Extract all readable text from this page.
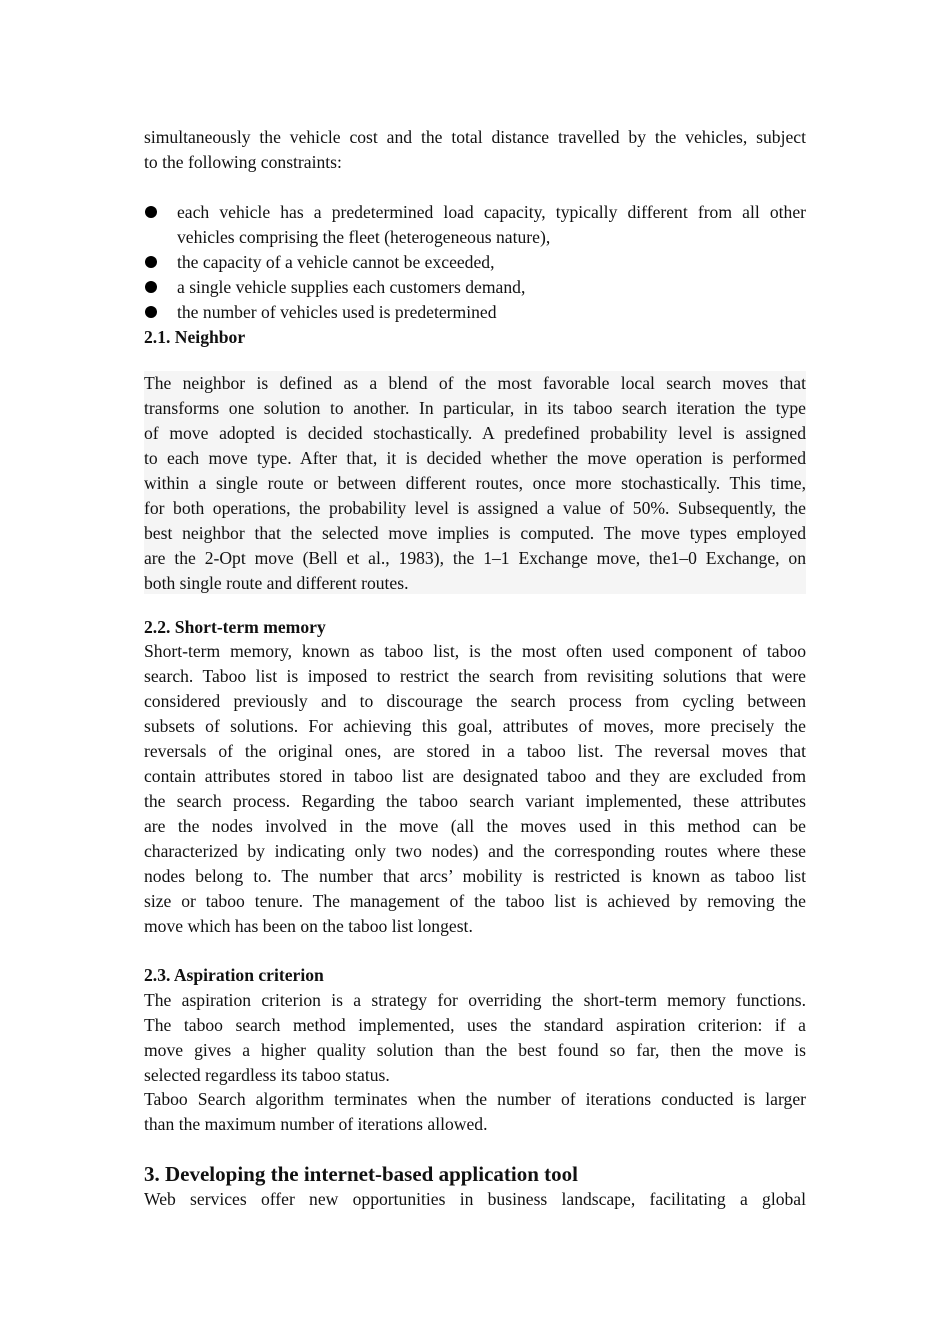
simultaneously the vehicle cost and the total distance travelled by the vehicles, subject
to the following constraints:
each vehicle has a predetermined load capacity, typically different from all other
vehicles comprising the fleet (heterogeneous nature),
the capacity of a vehicle cannot be exceeded,
a single vehicle supplies each customers demand,
the number of vehicles used is predetermined
2.1. Neighbor
The neighbor is defined as a blend of the most favorable local search moves that
transforms one solution to another. In particular, in its taboo search iteration the type
of move adopted is decided stochastically. A predefined probability level is assigned
to each move type. After that, it is decided whether the move operation is performed
within a single route or between different routes, once more stochastically. This time,
for both operations, the probability level is assigned a value of 50%. Subsequently, the
best neighbor that the selected move implies is computed. The move types employed
are the 2-Opt move (Bell et al., 1983), the 1–1 Exchange move, the1–0 Exchange, on
both single route and different routes.
2.2. Short-term memory
Short-term memory, known as taboo list, is the most often used component of taboo
search. Taboo list is imposed to restrict the search from revisiting solutions that were
considered previously and to discourage the search process from cycling between
subsets of solutions. For achieving this goal, attributes of moves, more precisely the
reversals of the original ones, are stored in a taboo list. The reversal moves that
contain attributes stored in taboo list are designated taboo and they are excluded from
the search process. Regarding the taboo search variant implemented, these attributes
are the nodes involved in the move (all the moves used in this method can be
characterized by indicating only two nodes) and the corresponding routes where these
nodes belong to. The number that arcs’ mobility is restricted is known as taboo list
size or taboo tenure. The management of the taboo list is achieved by removing the
move which has been on the taboo list longest.
2.3. Aspiration criterion
The aspiration criterion is a strategy for overriding the short-term memory functions.
The taboo search method implemented, uses the standard aspiration criterion: if a
move gives a higher quality solution than the best found so far, then the move is
selected regardless its taboo status.
Taboo Search algorithm terminates when the number of iterations conducted is larger
than the maximum number of iterations allowed.
3. Developing the internet-based application tool
Web services offer new opportunities in business landscape, facilitating a global
